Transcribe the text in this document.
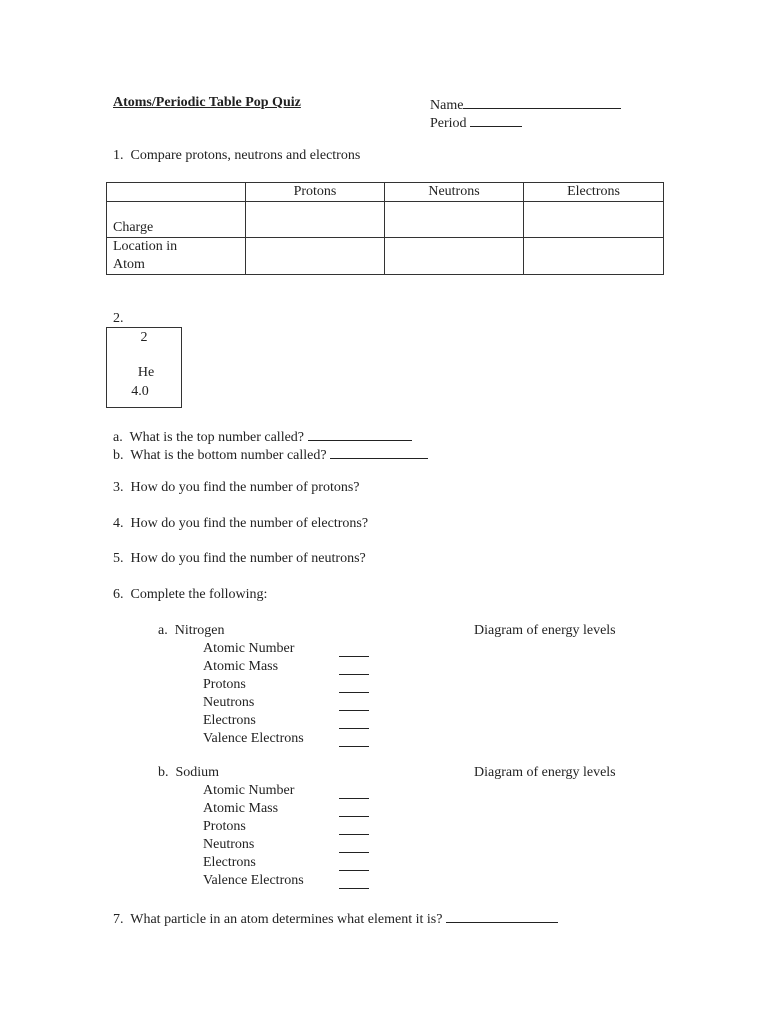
Atoms/Periodic Table Pop Quiz	Name
Period
1.  Compare protons, neutrons and electrons
	Protons	Neutrons	Electrons
Charge			
Location in
Atom			
2.
2
He
4.0
a.  What is the top number called?
b.  What is the bottom number called?
3.  How do you find the number of protons?
4.  How do you find the number of electrons?
5.  How do you find the number of neutrons?
6.  Complete the following:
a.  Nitrogen	Diagram of energy levels
Atomic Number
Atomic Mass
Protons
Neutrons
Electrons
Valence Electrons
b.  Sodium	Diagram of energy levels
Atomic Number
Atomic Mass
Protons
Neutrons
Electrons
Valence Electrons
7.  What particle in an atom determines what element it is?
